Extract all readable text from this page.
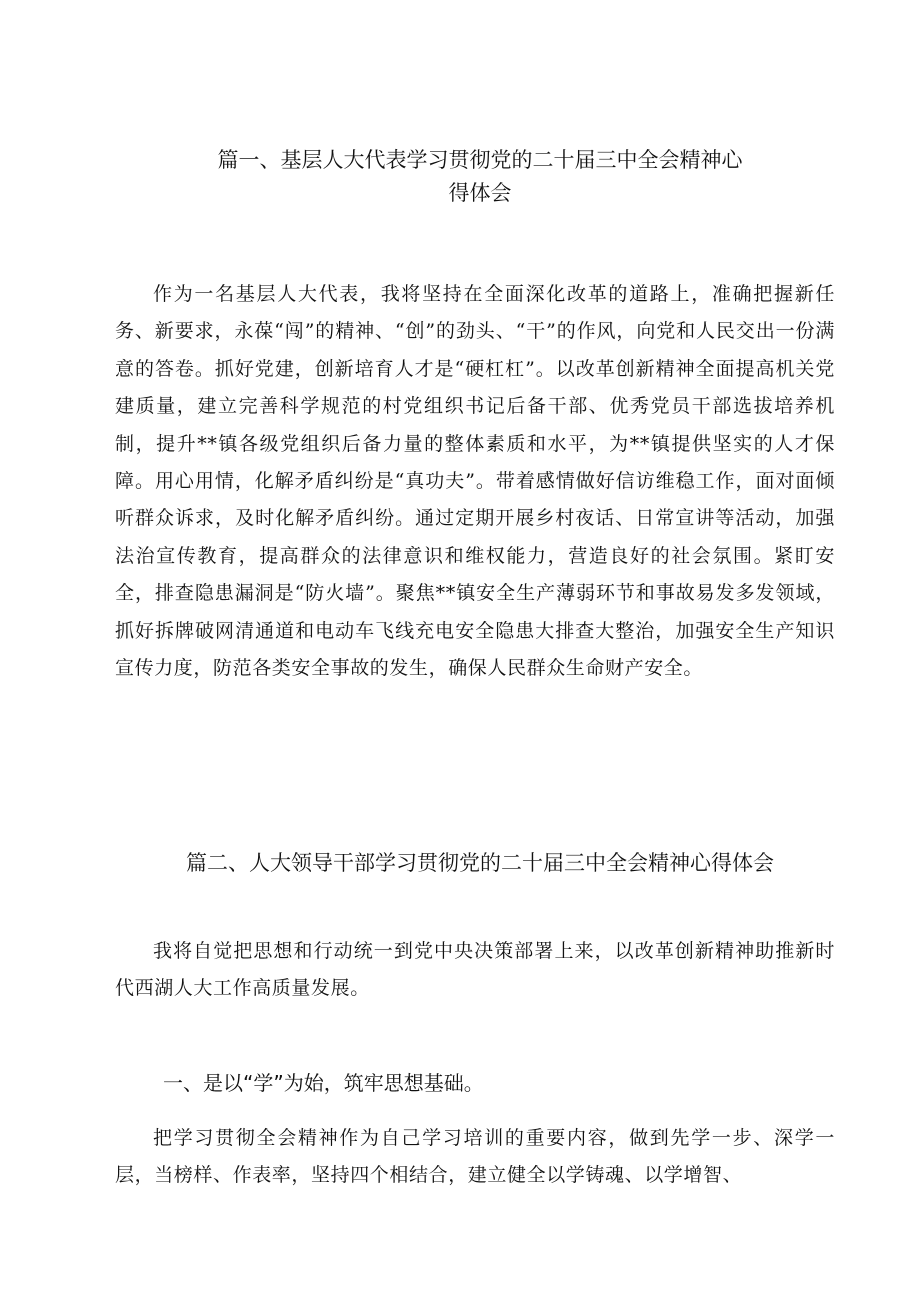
篇一、基层人大代表学习贯彻党的二十届三中全会精神心
得体会

作为一名基层人大代表，我将坚持在全面深化改革的道路上，准确把握新任务、新要求，永葆“闯”的精神、“创”的劲头、“干”的作风，向党和人民交出一份满意的答卷。抓好党建，创新培育人才是“硬杠杠”。以改革创新精神全面提高机关党建质量，建立完善科学规范的村党组织书记后备干部、优秀党员干部选拔培养机制，提升**镇各级党组织后备力量的整体素质和水平，为**镇提供坚实的人才保障。用心用情，化解矛盾纠纷是“真功夫”。带着感情做好信访维稳工作，面对面倾听群众诉求，及时化解矛盾纠纷。通过定期开展乡村夜话、日常宣讲等活动，加强法治宣传教育，提高群众的法律意识和维权能力，营造良好的社会氛围。紧盯安全，排查隐患漏洞是“防火墙”。聚焦**镇安全生产薄弱环节和事故易发多发领域，抓好拆牌破网清通道和电动车飞线充电安全隐患大排查大整治，加强安全生产知识宣传力度，防范各类安全事故的发生，确保人民群众生命财产安全。

篇二、人大领导干部学习贯彻党的二十届三中全会精神心得体会

我将自觉把思想和行动统一到党中央决策部署上来，以改革创新精神助推新时代西湖人大工作高质量发展。

一、是以“学”为始，筑牢思想基础。

把学习贯彻全会精神作为自己学习培训的重要内容，做到先学一步、深学一层，当榜样、作表率，坚持四个相结合，建立健全以学铸魂、以学增智、
